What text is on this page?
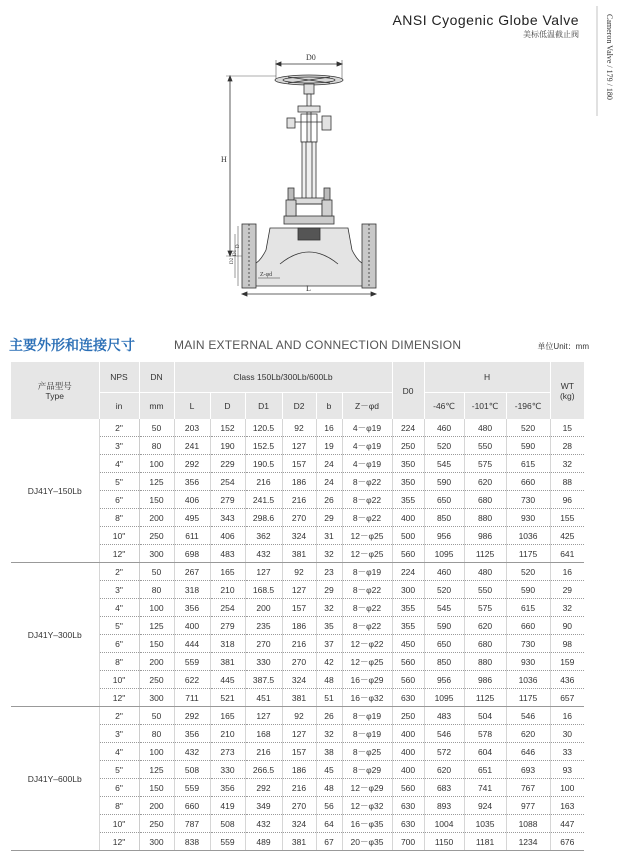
ANSI Cyogenic Globe Valve
美标低温截止阀	Cameron Valve / 179 / 180
D0
H
L
Z-φd
D
D1
D2
主要外形和连接尺寸	MAIN EXTERNAL AND CONNECTION DIMENSION	单位Unit：mm
产品型号
Type	NPS	DN	Class 150Lb/300Lb/600Lb						D0	H			WT
(kg)
	in	mm	L	D	D1	D2	b	Z－φd		-46℃	-101℃	-196℃	
DJ41Y–150Lb	2"	50	203	152	120.5	92	16	4－φ19	224	460	480	520	15
	3"	80	241	190	152.5	127	19	4－φ19	250	520	550	590	28
	4"	100	292	229	190.5	157	24	4－φ19	350	545	575	615	32
	5"	125	356	254	216	186	24	8－φ22	350	590	620	660	88
	6"	150	406	279	241.5	216	26	8－φ22	355	650	680	730	96
	8"	200	495	343	298.6	270	29	8－φ22	400	850	880	930	155
	10"	250	611	406	362	324	31	12－φ25	500	956	986	1036	425
	12"	300	698	483	432	381	32	12－φ25	560	1095	1125	1175	641
DJ41Y–300Lb	2"	50	267	165	127	92	23	8－φ19	224	460	480	520	16
	3"	80	318	210	168.5	127	29	8－φ22	300	520	550	590	29
	4"	100	356	254	200	157	32	8－φ22	355	545	575	615	32
	5"	125	400	279	235	186	35	8－φ22	355	590	620	660	90
	6"	150	444	318	270	216	37	12－φ22	450	650	680	730	98
	8"	200	559	381	330	270	42	12－φ25	560	850	880	930	159
	10"	250	622	445	387.5	324	48	16－φ29	560	956	986	1036	436
	12"	300	711	521	451	381	51	16－φ32	630	1095	1125	1175	657
DJ41Y–600Lb	2"	50	292	165	127	92	26	8－φ19	250	483	504	546	16
	3"	80	356	210	168	127	32	8－φ19	400	546	578	620	30
	4"	100	432	273	216	157	38	8－φ25	400	572	604	646	33
	5"	125	508	330	266.5	186	45	8－φ29	400	620	651	693	93
	6"	150	559	356	292	216	48	12－φ29	560	683	741	767	100
	8"	200	660	419	349	270	56	12－φ32	630	893	924	977	163
	10"	250	787	508	432	324	64	16－φ35	630	1004	1035	1088	447
	12"	300	838	559	489	381	67	20－φ35	700	1150	1181	1234	676
